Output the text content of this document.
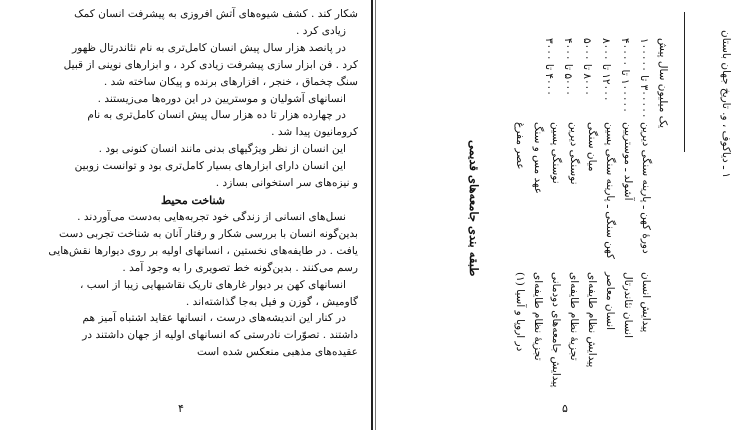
شکار کند . کشف شیوه‌های آتش افروزی به پیشرفت انسان کمک
زیادی کرد .
در پانصد هزار سال پیش انسان کامل‌تری به نام نئاندرتال ظهور
کرد . فن ابزار سازی پیشرفت زیادی کرد ، و ابزارهای نوینی از قبیل
سنگ چخماق ، خنجر ، افزارهای برنده و پیکان ساخته شد .
انسانهای آشولیان و موستریین در این دوره‌ها می‌زیستند .
در چهارده هزار تا ده هزار سال پیش انسان کامل‌تری به نام
کرومانیون پیدا شد .
این انسان از نظر ویژگیهای بدنی مانند انسان کنونی بود .
این انسان دارای ابزارهای بسیار کامل‌تری بود و توانست زوبین
و نیزه‌های سر استخوانی بسازد .
شناخت محیط
نسل‌های انسانی از زندگی خود تجربه‌هایی به‌دست می‌آوردند .
بدین‌گونه انسان با بررسی شکار و رفتار آنان به شناخت تجربی دست
یافت . در طایفه‌های نخستین ، انسانهای اولیه بر روی دیوارها نقش‌هایی
رسم می‌کنند . بدین‌گونه خط تصویری را به وجود آمد .
انسانهای کهن بر دیوار غارهای تاریک نقاشیهایی زیبا از اسب ،
گاومیش ، گوزن و فیل به‌جا گذاشته‌اند .
در کنار این اندیشه‌های درست ، انسانها عقاید اشتباه آمیز هم
داشتند . تصوّرات نادرستی که انسانهای اولیه از جهان داشتند در
عقیده‌های مذهبی منعکس شده است
۴
۱ ـ دیاکوف ، و. تاریخ جهان باستان
یک میلیون سال پیش
۳۰۰۰۰۰ تا ۱۰۰۰۰۰
۱۰۰۰۰۰ تا ۴۰۰۰۰
۱۲۰۰۰ تا ۸۰۰۰
۸۰۰۰ تا ۵۰۰۰
۵۰۰۰ تا ۴۰۰۰
۴۰۰۰ تا ۳۰۰۰
دورهٔ کهن ـ پارینه سنگی دیرین
آشولد ـ موستریین
کهن سنگی ـ پارینه سنگی پسین
میان سنگی
نوسنگی دیرین
نوسنگی پسین
عهد مس و سنگ
عصر مفرغ
پیدایش انسان
انسان نئاندرتال
انسان معاصر
پیدایش نظام طایفه‌ای
تجزیهٔ نظام طایفه‌ای
پیدایش جامعه‌های دودمانی
تجزیهٔ نظام طایفه‌ای
در اروپا و آسیا (۱)
طبقه بندی جامعه‌های قدیمی
۵
